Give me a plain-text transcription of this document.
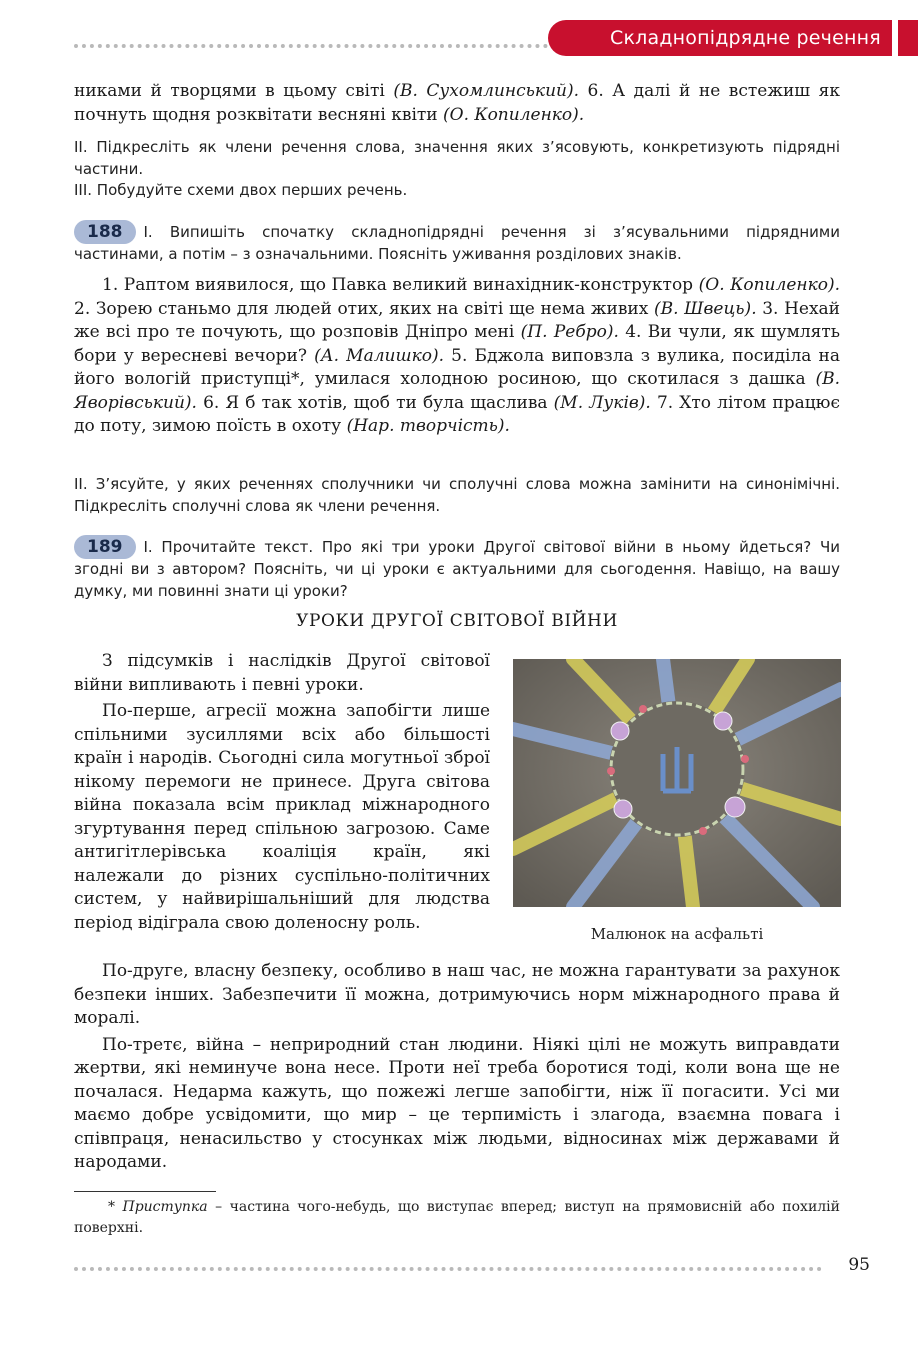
Складнопідрядне речення

никами й творцями в цьому світі (В. Сухомлинський). 6. А далі й не встежиш як почнуть щодня розквітати весняні квіти (О. Копиленко).

ІІ. Підкресліть як члени речення слова, значення яких з’ясовують, конкретизують підрядні частини.

ІІІ. Побудуйте схеми двох перших речень.

188 І. Випишіть спочатку складнопідрядні речення зі з’ясувальними підрядними частинами, а потім – з означальними. Поясніть уживання розділових знаків.

1. Раптом виявилося, що Павка великий винахідник-конструктор (О. Копиленко). 2. Зорею станьмо для людей отих, яких на світі ще нема живих (В. Швець). 3. Нехай же всі про те почують, що розповів Дніпро мені (П. Ребро). 4. Ви чули, як шумлять бори у вересневі вечори? (А. Малишко). 5. Бджола виповзла з вулика, посиділа на його вологій приступці*, умилася холодною росиною, що скотилася з дашка (В. Яворівський). 6. Я б так хотів, щоб ти була щаслива (М. Луків). 7. Хто літом працює до поту, зимою поїсть в охоту (Нар. творчість).

ІІ. З’ясуйте, у яких реченнях сполучники чи сполучні слова можна замінити на синонімічні. Підкресліть сполучні слова як члени речення.

189 І. Прочитайте текст. Про які три уроки Другої світової війни в ньому йдеться? Чи згодні ви з автором? Поясніть, чи ці уроки є актуальними для сьогодення. Навіщо, на вашу думку, ми повинні знати ці уроки?

УРОКИ ДРУГОЇ СВІТОВОЇ ВІЙНИ

З підсумків і наслідків Другої світової війни випливають і певні уроки.

По-перше, агресії можна запобігти лише спільними зусиллями всіх або більшості країн і народів. Сьогодні сила могутньої зброї нікому перемоги не принесе. Друга світова війна показала всім приклад міжнародного згуртування перед спільною загрозою. Саме антигітлерівська коаліція країн, які належали до різних суспільно-політичних систем, у найвирішальніший для людства період відіграла свою доленосну роль.

Малюнок на асфальті

По-друге, власну безпеку, особливо в наш час, не можна гарантувати за рахунок безпеки інших. Забезпечити її можна, дотримуючись норм міжнародного права й моралі.

По-третє, війна – неприродний стан людини. Ніякі цілі не можуть виправдати жертви, які неминуче вона несе. Проти неї треба боротися тоді, коли вона ще не почалася. Недарма кажуть, що пожежі легше запобігти, ніж її погасити. Усі ми маємо добре усвідомити, що мир – це терпимість і злагода, взаємна повага і співпраця, ненасильство у стосунках між людьми, відносинах між державами й народами.

* Приступка – частина чого-небудь, що виступає вперед; виступ на прямовисній або похилій поверхні.

95
